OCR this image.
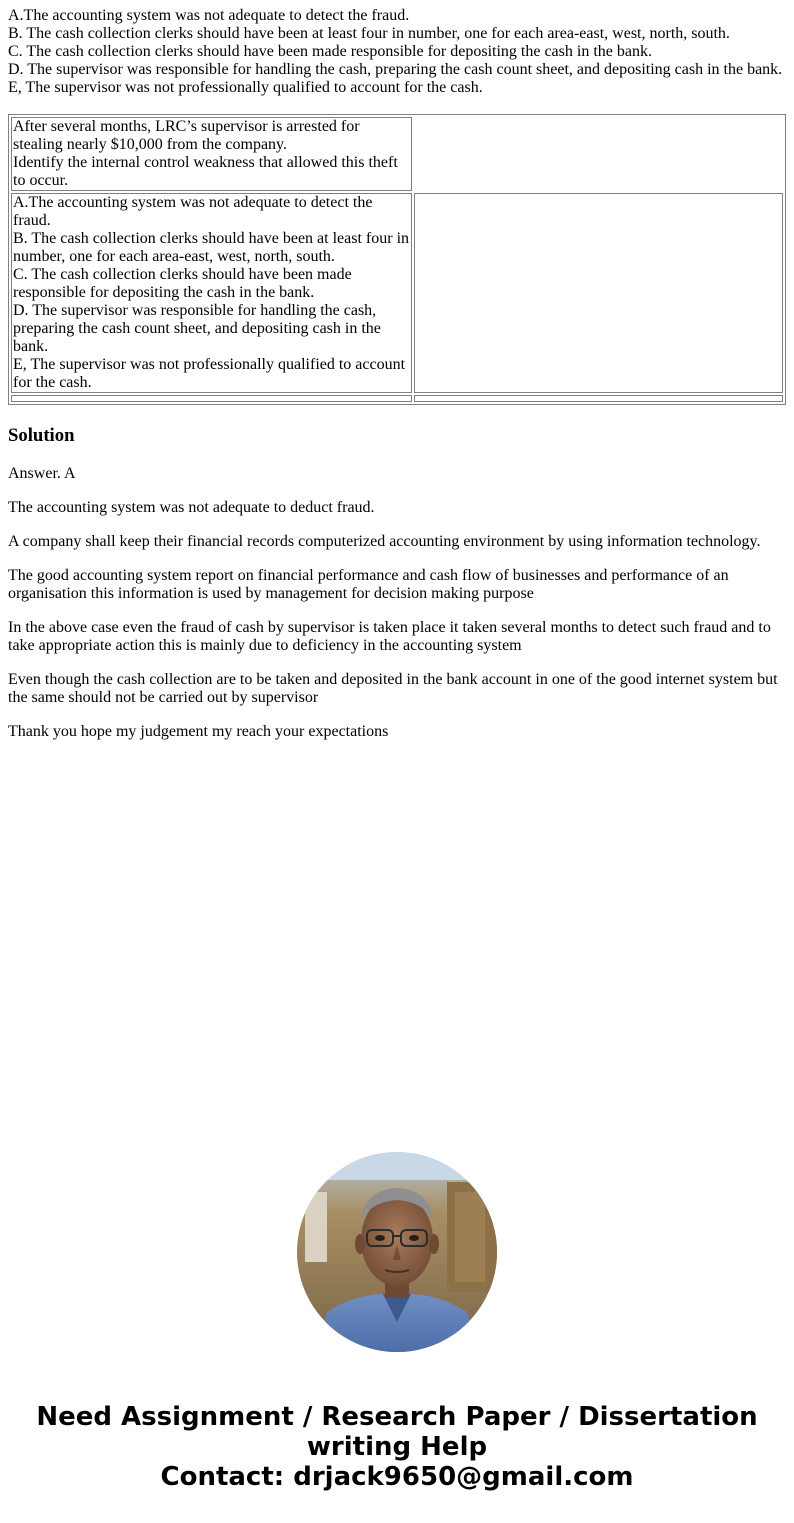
A.The accounting system was not adequate to detect the fraud.

B. The cash collection clerks should have been at least four in number, one for each area-east, west, north, south.

C. The cash collection clerks should have been made responsible for depositing the cash in the bank.

D. The supervisor was responsible for handling the cash, preparing the cash count sheet, and depositing cash in the bank.

E, The supervisor was not professionally qualified to account for the cash.

After several months, LRC’s supervisor is arrested for stealing nearly $10,000 from the company.
Identify the internal control weakness that allowed this theft to occur.	

A.The accounting system was not adequate to detect the fraud.
B. The cash collection clerks should have been at least four in number, one for each area-east, west, north, south.
C. The cash collection clerks should have been made responsible for depositing the cash in the bank.
D. The supervisor was responsible for handling the cash, preparing the cash count sheet, and depositing cash in the bank.
E, The supervisor was not professionally qualified to account for the cash.	

Solution

Answer. A

The accounting system was not adequate to deduct fraud.

A company shall keep their financial records computerized accounting environment by using information technology.

The good accounting system report on financial performance and cash flow of businesses and performance of an organisation this information is used by management for decision making purpose

In the above case even the fraud of cash by supervisor is taken place it taken several months to detect such fraud and to take appropriate action this is mainly due to deficiency in the accounting system

Even though the cash collection are to be taken and deposited in the bank account in one of the good internet system but the same should not be carried out by supervisor

Thank you hope my judgement my reach your expectations

Need Assignment / Research Paper / Dissertation
writing Help
Contact: drjack9650@gmail.com
